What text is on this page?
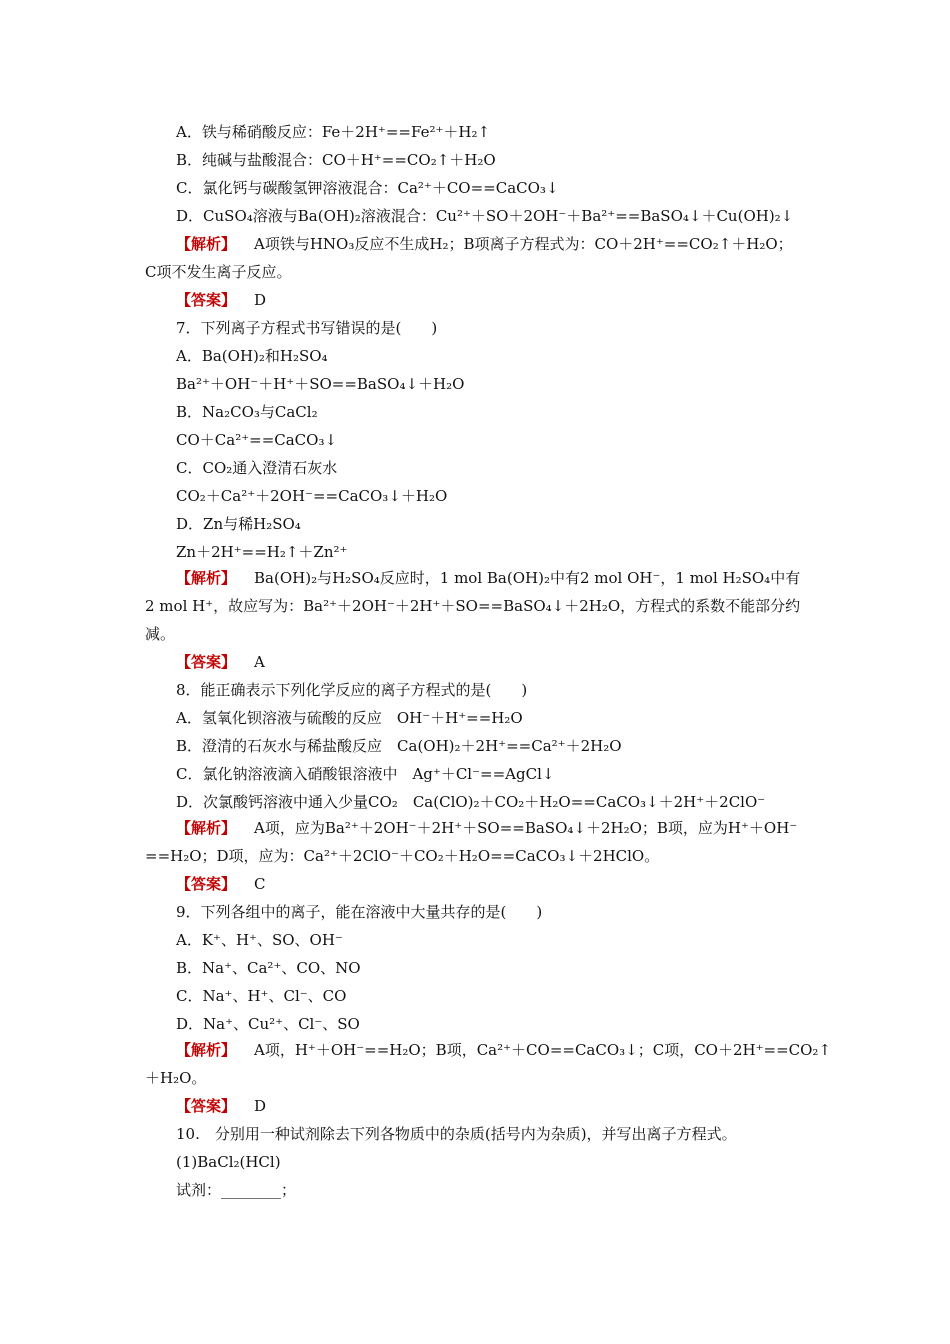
A．铁与稀硝酸反应：Fe＋2H⁺==Fe²⁺＋H₂↑
B．纯碱与盐酸混合：CO＋H⁺==CO₂↑＋H₂O
C．氯化钙与碳酸氢钾溶液混合：Ca²⁺＋CO==CaCO₃↓
D．CuSO₄溶液与Ba(OH)₂溶液混合：Cu²⁺＋SO＋2OH⁻＋Ba²⁺==BaSO₄↓＋Cu(OH)₂↓
【解析】 A项铁与HNO₃反应不生成H₂；B项离子方程式为：CO＋2H⁺==CO₂↑＋H₂O；
C项不发生离子反应。
【答案】 D
7．下列离子方程式书写错误的是(　　)
A．Ba(OH)₂和H₂SO₄
Ba²⁺＋OH⁻＋H⁺＋SO==BaSO₄↓＋H₂O
B．Na₂CO₃与CaCl₂
CO＋Ca²⁺==CaCO₃↓
C．CO₂通入澄清石灰水
CO₂＋Ca²⁺＋2OH⁻==CaCO₃↓＋H₂O
D．Zn与稀H₂SO₄
Zn＋2H⁺==H₂↑＋Zn²⁺
【解析】 Ba(OH)₂与H₂SO₄反应时，1 mol Ba(OH)₂中有2 mol OH⁻，1 mol H₂SO₄中有
2 mol H⁺，故应写为：Ba²⁺＋2OH⁻＋2H⁺＋SO==BaSO₄↓＋2H₂O，方程式的系数不能部分约
减。
【答案】 A
8．能正确表示下列化学反应的离子方程式的是(　　)
A．氢氧化钡溶液与硫酸的反应　OH⁻＋H⁺==H₂O
B．澄清的石灰水与稀盐酸反应　Ca(OH)₂＋2H⁺==Ca²⁺＋2H₂O
C．氯化钠溶液滴入硝酸银溶液中　Ag⁺＋Cl⁻==AgCl↓
D．次氯酸钙溶液中通入少量CO₂　Ca(ClO)₂＋CO₂＋H₂O==CaCO₃↓＋2H⁺＋2ClO⁻
【解析】 A项，应为Ba²⁺＋2OH⁻＋2H⁺＋SO==BaSO₄↓＋2H₂O；B项，应为H⁺＋OH⁻
==H₂O；D项，应为：Ca²⁺＋2ClO⁻＋CO₂＋H₂O==CaCO₃↓＋2HClO。
【答案】 C
9．下列各组中的离子，能在溶液中大量共存的是(　　)
A．K⁺、H⁺、SO、OH⁻
B．Na⁺、Ca²⁺、CO、NO
C．Na⁺、H⁺、Cl⁻、CO
D．Na⁺、Cu²⁺、Cl⁻、SO
【解析】 A项，H⁺＋OH⁻==H₂O；B项，Ca²⁺＋CO==CaCO₃↓；C项，CO＋2H⁺==CO₂↑
＋H₂O。
【答案】 D
10.　分别用一种试剂除去下列各物质中的杂质(括号内为杂质)，并写出离子方程式。
(1)BaCl₂(HCl)
试剂：________；
